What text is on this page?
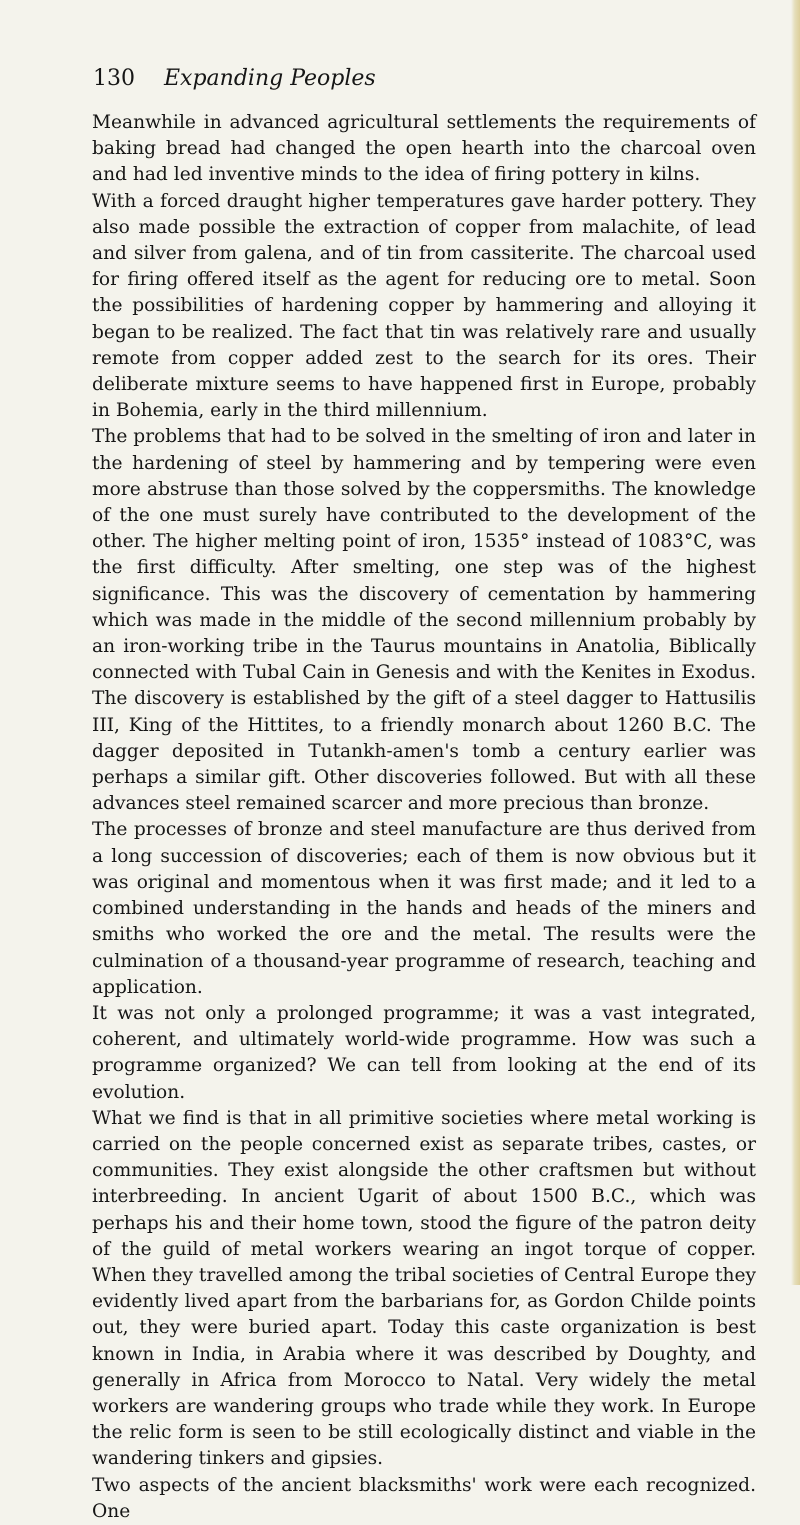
130 Expanding Peoples

Meanwhile in advanced agricultural settlements the requirements of baking bread had changed the open hearth into the charcoal oven and had led inventive minds to the idea of firing pottery in kilns.

With a forced draught higher temperatures gave harder pottery. They also made possible the extraction of copper from malachite, of lead and silver from galena, and of tin from cassiterite. The charcoal used for firing offered itself as the agent for reducing ore to metal. Soon the possibilities of hardening copper by hammering and alloying it began to be realized. The fact that tin was relatively rare and usually remote from copper added zest to the search for its ores. Their deliberate mixture seems to have happened first in Europe, probably in Bohemia, early in the third millennium.

The problems that had to be solved in the smelting of iron and later in the hardening of steel by hammering and by tempering were even more abstruse than those solved by the coppersmiths. The knowledge of the one must surely have contributed to the development of the other. The higher melting point of iron, 1535° instead of 1083°C, was the first difficulty. After smelting, one step was of the highest significance. This was the discovery of cementation by hammering which was made in the middle of the second millennium probably by an iron-working tribe in the Taurus mountains in Anatolia, Biblically connected with Tubal Cain in Genesis and with the Kenites in Exodus. The discovery is established by the gift of a steel dagger to Hattusilis III, King of the Hittites, to a friendly monarch about 1260 B.C. The dagger deposited in Tutankh-amen's tomb a century earlier was perhaps a similar gift. Other discoveries followed. But with all these advances steel remained scarcer and more precious than bronze.

The processes of bronze and steel manufacture are thus derived from a long succession of discoveries; each of them is now obvious but it was original and momentous when it was first made; and it led to a combined understanding in the hands and heads of the miners and smiths who worked the ore and the metal. The results were the culmination of a thousand-year programme of research, teaching and application.

It was not only a prolonged programme; it was a vast integrated, coherent, and ultimately world-wide programme. How was such a programme organized? We can tell from looking at the end of its evolution.

What we find is that in all primitive societies where metal working is carried on the people concerned exist as separate tribes, castes, or communities. They exist alongside the other craftsmen but without interbreeding. In ancient Ugarit of about 1500 B.C., which was perhaps his and their home town, stood the figure of the patron deity of the guild of metal workers wearing an ingot torque of copper. When they travelled among the tribal societies of Central Europe they evidently lived apart from the barbarians for, as Gordon Childe points out, they were buried apart. Today this caste organization is best known in India, in Arabia where it was described by Doughty, and generally in Africa from Morocco to Natal. Very widely the metal workers are wandering groups who trade while they work. In Europe the relic form is seen to be still ecologically distinct and viable in the wandering tinkers and gipsies.

Two aspects of the ancient blacksmiths' work were each recognized. One
